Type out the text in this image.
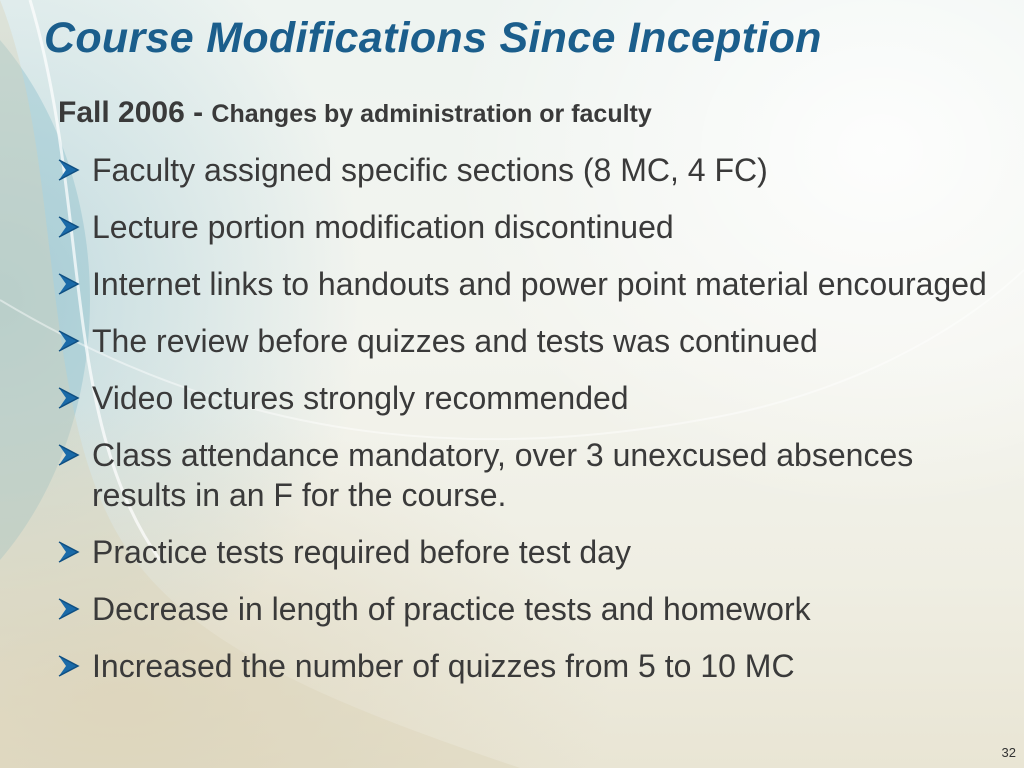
Course Modifications Since Inception
Fall 2006 - Changes by administration or faculty
Faculty assigned specific sections (8 MC, 4 FC)
Lecture portion modification discontinued
Internet links to handouts and power point material encouraged
The review before quizzes and tests was continued
Video lectures strongly recommended
Class attendance mandatory, over 3 unexcused absences results in an F for the course.
Practice tests required before test day
Decrease in length of practice tests and homework
Increased the number of quizzes from 5 to 10 MC
32
